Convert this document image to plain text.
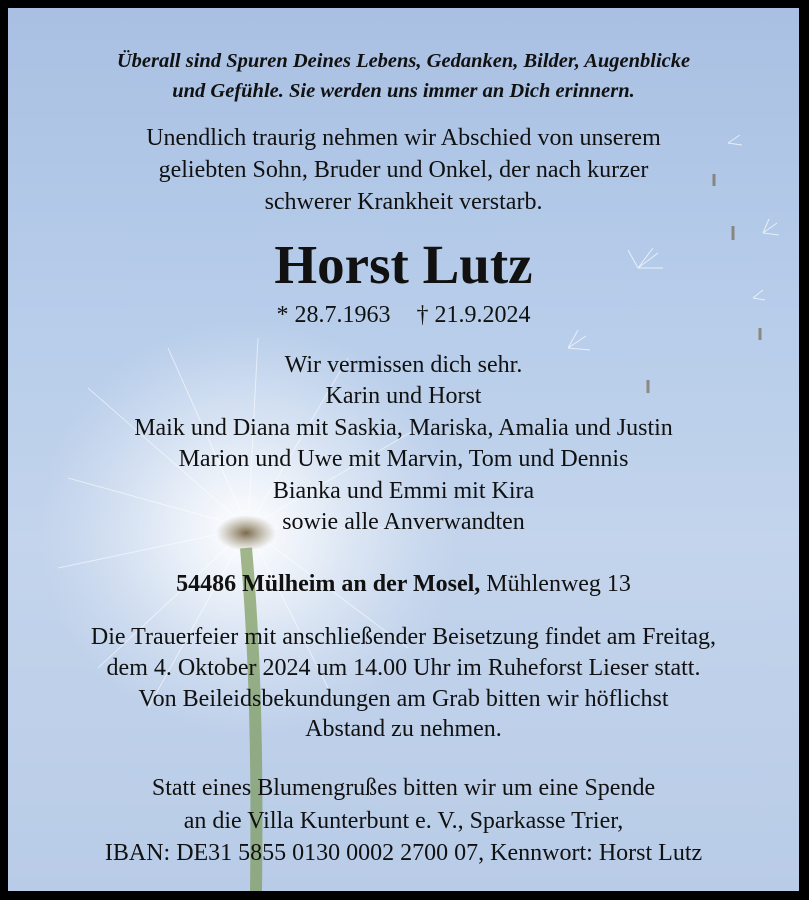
Überall sind Spuren Deines Lebens, Gedanken, Bilder, Augenblicke
und Gefühle. Sie werden uns immer an Dich erinnern.
Unendlich traurig nehmen wir Abschied von unserem
geliebten Sohn, Bruder und Onkel, der nach kurzer
schwerer Krankheit verstarb.
Horst Lutz
* 28.7.1963 † 21.9.2024
Wir vermissen dich sehr.
Karin und Horst
Maik und Diana mit Saskia, Mariska, Amalia und Justin
Marion und Uwe mit Marvin, Tom und Dennis
Bianka und Emmi mit Kira
sowie alle Anverwandten
54486 Mülheim an der Mosel, Mühlenweg 13
Die Trauerfeier mit anschließender Beisetzung findet am Freitag,
dem 4. Oktober 2024 um 14.00 Uhr im Ruheforst Lieser statt.
Von Beileidsbekundungen am Grab bitten wir höflichst
Abstand zu nehmen.
Statt eines Blumengrußes bitten wir um eine Spende
an die Villa Kunterbunt e. V., Sparkasse Trier,
IBAN: DE31 5855 0130 0002 2700 07, Kennwort: Horst Lutz
